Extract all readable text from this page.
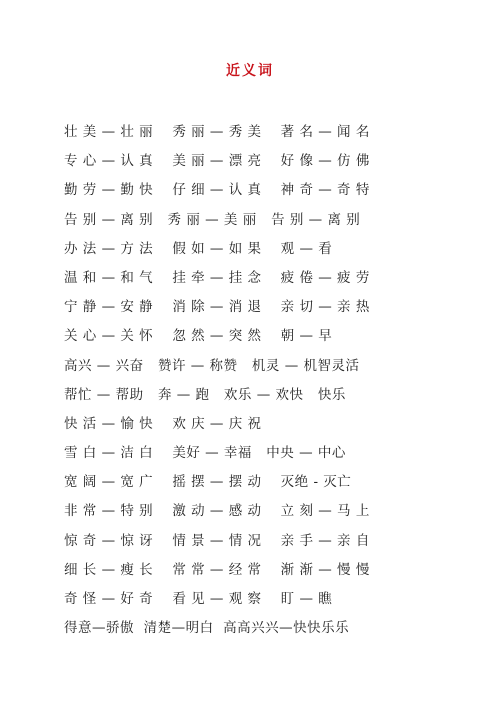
近义词
壮 美 — 壮 丽    秀 丽 — 秀 美    著 名 — 闻 名
专 心 — 认 真    美 丽 — 漂 亮    好 像 — 仿 佛
勤 劳 — 勤 快    仔 细 — 认 真    神 奇 — 奇 特
告 别 — 离 别   秀 丽 — 美 丽   告 别 — 离 别
办 法 — 方 法    假 如 — 如 果    观 — 看
温 和 — 和 气    挂 牵 — 挂 念    疲 倦 — 疲 劳
宁 静 — 安 静    消 除 — 消 退    亲 切 — 亲 热
关 心 — 关 怀    忽 然 — 突 然    朝 — 早
高兴 — 兴奋   赞许 — 称赞   机灵 — 机智灵活
帮忙 — 帮助   奔 — 跑   欢乐 — 欢快   快乐
快 活 — 愉 快    欢 庆 — 庆 祝
雪 白 — 洁 白    美好 — 幸福   中央 — 中心
宽 阔 — 宽 广    摇 摆 — 摆 动    灭绝 - 灭亡
非 常 — 特 别    激 动 — 感 动    立 刻 — 马 上
惊 奇 — 惊 讶    情 景 — 情 况    亲 手 — 亲 自
细 长 — 瘦 长    常 常 — 经 常    渐 渐 — 慢 慢
奇 怪 — 好 奇    看 见 — 观 察    盯 — 瞧
得意—骄傲  清楚—明白  高高兴兴—快快乐乐
